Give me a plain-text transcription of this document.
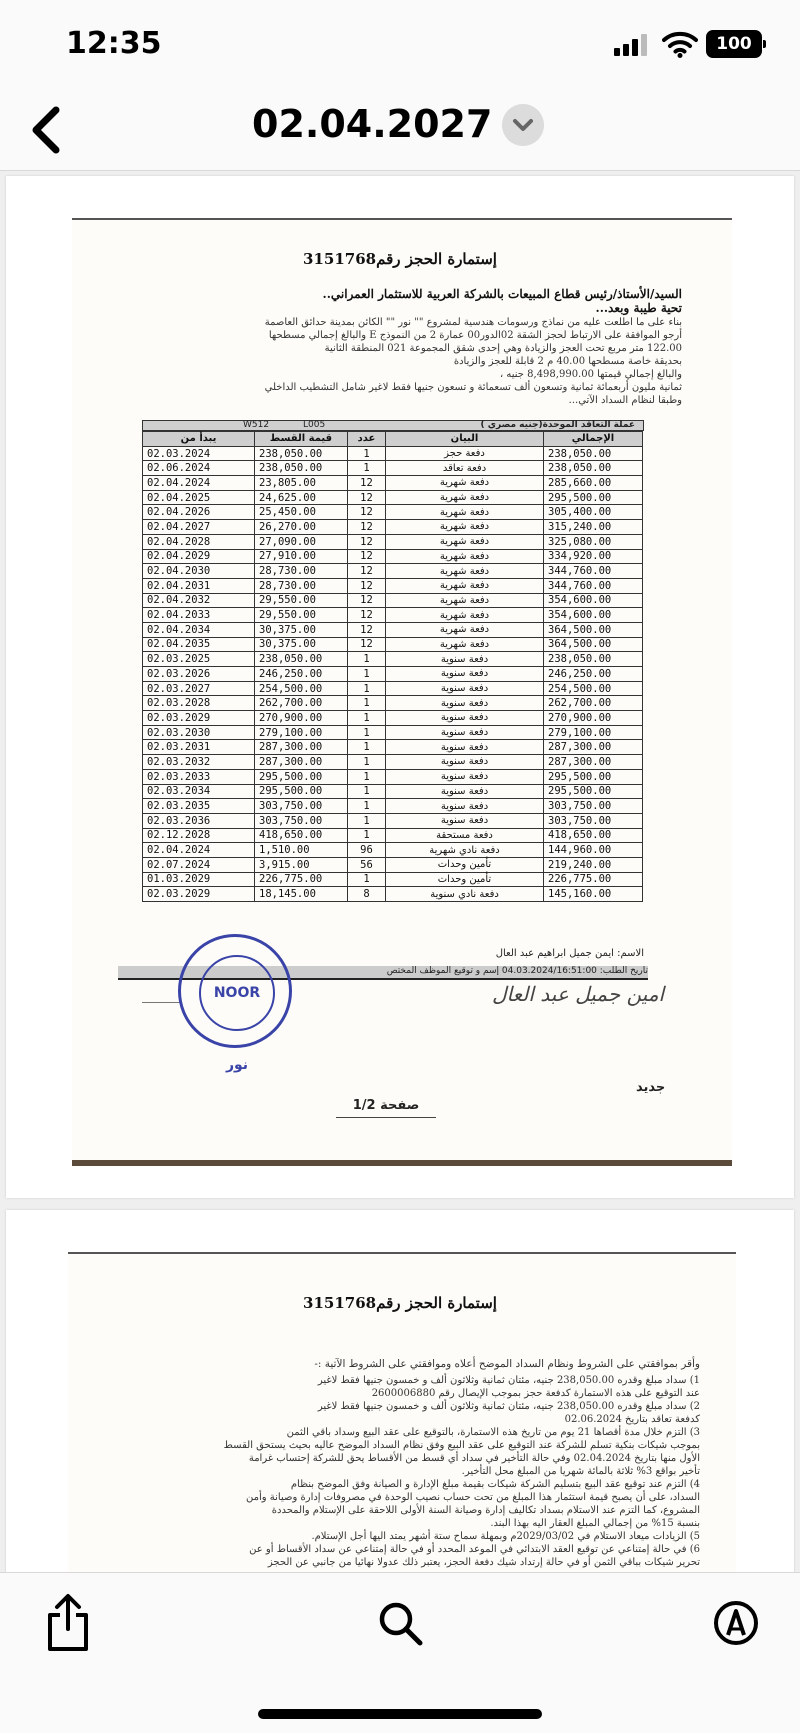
12:35	100
02.04.2027
إستمارة الحجز رقم3151768
السيد/الأستاذ/رئيس قطاع المبيعات بالشركة العربية للاستثمار العمراني..
تحية طيبة وبعد...
بناء على ما اطلعت عليه من نماذج ورسومات هندسية لمشروع "" نور "" الكائن بمدينة حدائق العاصمة
أرجو الموافقة على الارتباط لحجز الشقة 02الدور00 عمارة 2 من النموذج E والبالغ إجمالي مسطحها
122.00 متر مربع تحت العجز والزيادة وهي إحدى شقق المجموعة 021 المنطقة الثانية
بحديقة خاصة مسطحها 40.00 م 2 قابلة للعجز والزيادة
والبالغ إجمالي قيمتها 8,498,990.00 جنيه ،
ثمانية مليون أربعمائة ثمانية وتسعون ألف تسعمائة و تسعون جنيها فقط لاغير شامل التشطيب الداخلي
وطبقا لنظام السداد الآتي...
عملة التعاقد الموحدة(جنيه مصري )
W512	L005
الإجمالي	البيان	عدد	قيمة القسط	يبدأ من
238,050.00	دفعة حجز	1	238,050.00	02.03.2024
238,050.00	دفعة تعاقد	1	238,050.00	02.06.2024
285,660.00	دفعة شهرية	12	23,805.00	02.04.2024
295,500.00	دفعة شهرية	12	24,625.00	02.04.2025
305,400.00	دفعة شهرية	12	25,450.00	02.04.2026
315,240.00	دفعة شهرية	12	26,270.00	02.04.2027
325,080.00	دفعة شهرية	12	27,090.00	02.04.2028
334,920.00	دفعة شهرية	12	27,910.00	02.04.2029
344,760.00	دفعة شهرية	12	28,730.00	02.04.2030
344,760.00	دفعة شهرية	12	28,730.00	02.04.2031
354,600.00	دفعة شهرية	12	29,550.00	02.04.2032
354,600.00	دفعة شهرية	12	29,550.00	02.04.2033
364,500.00	دفعة شهرية	12	30,375.00	02.04.2034
364,500.00	دفعة شهرية	12	30,375.00	02.04.2035
238,050.00	دفعة سنوية	1	238,050.00	02.03.2025
246,250.00	دفعة سنوية	1	246,250.00	02.03.2026
254,500.00	دفعة سنوية	1	254,500.00	02.03.2027
262,700.00	دفعة سنوية	1	262,700.00	02.03.2028
270,900.00	دفعة سنوية	1	270,900.00	02.03.2029
279,100.00	دفعة سنوية	1	279,100.00	02.03.2030
287,300.00	دفعة سنوية	1	287,300.00	02.03.2031
287,300.00	دفعة سنوية	1	287,300.00	02.03.2032
295,500.00	دفعة سنوية	1	295,500.00	02.03.2033
295,500.00	دفعة سنوية	1	295,500.00	02.03.2034
303,750.00	دفعة سنوية	1	303,750.00	02.03.2035
303,750.00	دفعة سنوية	1	303,750.00	02.03.2036
418,650.00	دفعة مستحقة	1	418,650.00	02.12.2028
144,960.00	دفعة نادي شهرية	96	1,510.00	02.04.2024
219,240.00	تأمين وحدات	56	3,915.00	02.07.2024
226,775.00	تأمين وحدات	1	226,775.00	01.03.2029
145,160.00	دفعة نادي سنوية	8	18,145.00	02.03.2029
الاسم: ايمن جميل ابراهيم عبد العال
تاريخ الطلب: 04.03.2024/16:51:00 إسم و توقيع الموظف المختص
امين جميل عبد العال
جديد
صفحة 1/2
NOOR نور
إستمارة الحجز رقم3151768
وأقر بموافقتي على الشروط ونظام السداد الموضح أعلاه وموافقتي على الشروط الآتية :-
1) سداد مبلغ وقدره 238,050.00 جنيه، مئتان ثمانية وثلاثون ألف و خمسون جنيها فقط لاغير
عند التوقيع على هذه الاستمارة كدفعة حجز بموجب الإيصال رقم 2600006880
2) سداد مبلغ وقدره 238,050.00 جنيه، مئتان ثمانية وثلاثون ألف و خمسون جنيها فقط لاغير
كدفعة تعاقد بتاريخ 02.06.2024
3) التزم خلال مدة أقصاها 21 يوم من تاريخ هذه الاستمارة، بالتوقيع على عقد البيع وسداد باقي الثمن
بموجب شيكات بنكية تسلم للشركة عند التوقيع على عقد البيع وفق نظام السداد الموضح عاليه بحيث يستحق القسط
الأول منها بتاريخ 02.04.2024 وفي حالة التأخير في سداد أي قسط من الأقساط يحق للشركة إحتساب غرامة
تأخير بواقع 3% ثلاثة بالمائة شهريا من المبلغ محل التأخير.
4) التزم عند توقيع عقد البيع بتسليم الشركة شيكات بقيمة مبلغ الإدارة و الصيانة وفق الموضح بنظام
السداد، على أن يصبح قيمة استثمار هذا المبلغ من تحت حساب نصيب الوحدة في مصروفات إدارة وصيانة وأمن
المشروع، كما التزم عند الاستلام بسداد تكاليف إدارة وصيانة السنة الأولى اللاحقة على الإستلام والمحددة
بنسبة 15% من إجمالي المبلغ العقار اليه بهذا البند.
5) الزيادات ميعاد الاستلام في 2029/03/02م وبمهلة سماح ستة أشهر يمتد اليها أجل الإستلام.
6) في حالة إمتناعي عن توقيع العقد الابتدائي في الموعد المحدد أو في حالة إمتناعي عن سداد الأقساط أو عن
تحرير شيكات بباقي الثمن أو في حالة إرتداد شيك دفعة الحجز، يعتبر ذلك عدولا نهائيا من جانبي عن الحجز
